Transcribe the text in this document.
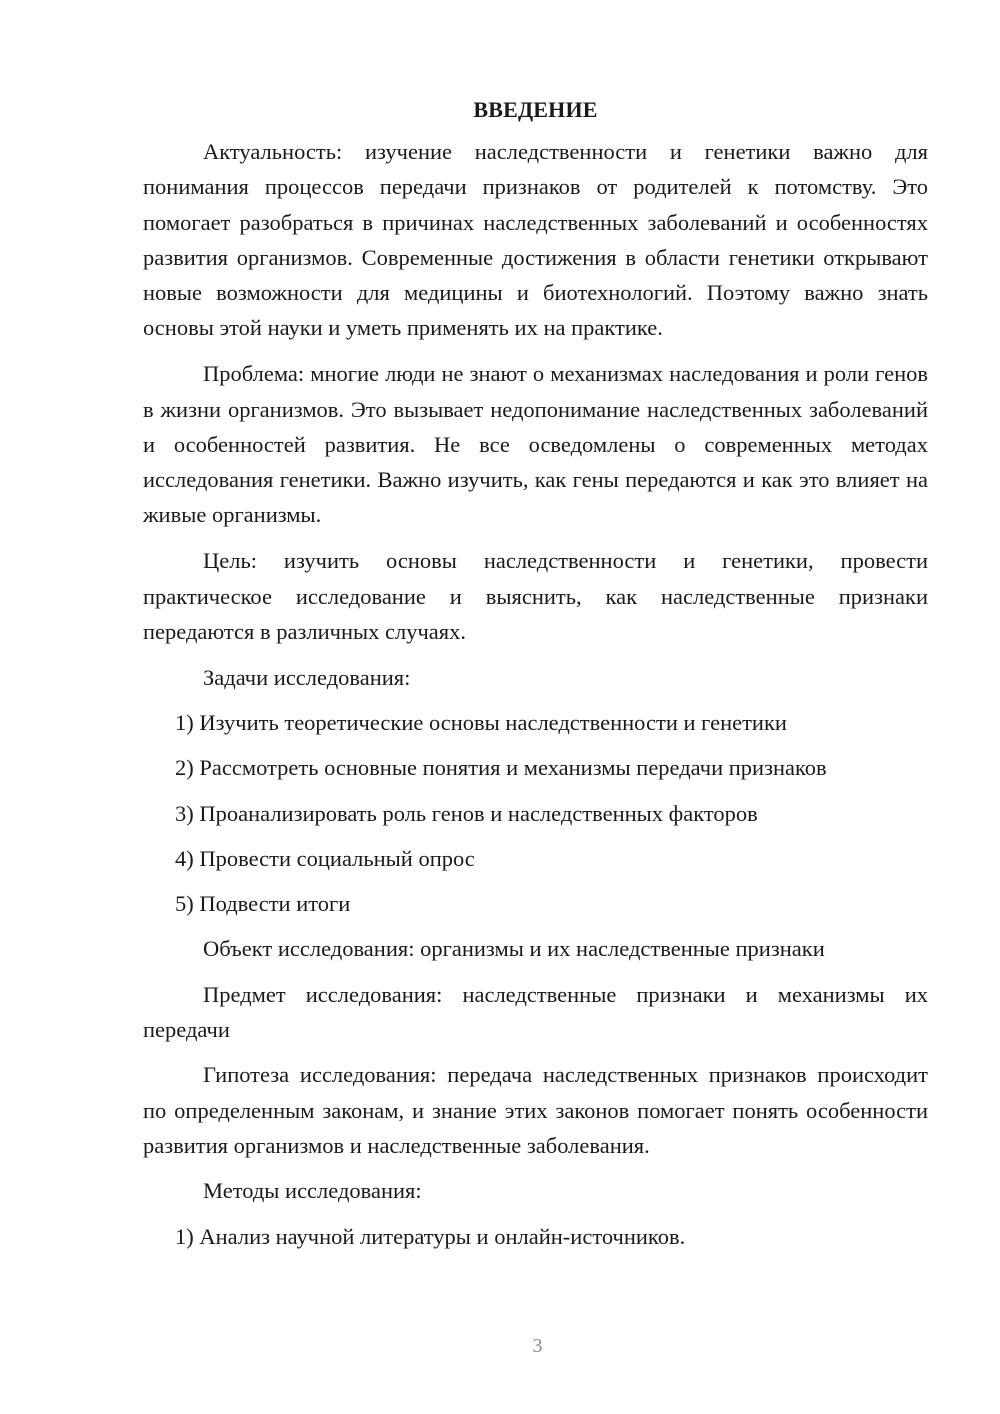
ВВЕДЕНИЕ

Актуальность: изучение наследственности и генетики важно для понимания процессов передачи признаков от родителей к потомству. Это помогает разобраться в причинах наследственных заболеваний и особенностях развития организмов. Современные достижения в области генетики открывают новые возможности для медицины и биотехнологий. Поэтому важно знать основы этой науки и уметь применять их на практике.

Проблема: многие люди не знают о механизмах наследования и роли генов в жизни организмов. Это вызывает недопонимание наследственных заболеваний и особенностей развития. Не все осведомлены о современных методах исследования генетики. Важно изучить, как гены передаются и как это влияет на живые организмы.

Цель: изучить основы наследственности и генетики, провести практическое исследование и выяснить, как наследственные признаки передаются в различных случаях.

Задачи исследования:

1) Изучить теоретические основы наследственности и генетики

2) Рассмотреть основные понятия и механизмы передачи признаков

3) Проанализировать роль генов и наследственных факторов

4) Провести социальный опрос

5) Подвести итоги

Объект исследования: организмы и их наследственные признаки

Предмет исследования: наследственные признаки и механизмы их передачи

Гипотеза исследования: передача наследственных признаков происходит по определенным законам, и знание этих законов помогает понять особенности развития организмов и наследственные заболевания.

Методы исследования:

1) Анализ научной литературы и онлайн-источников.

3
